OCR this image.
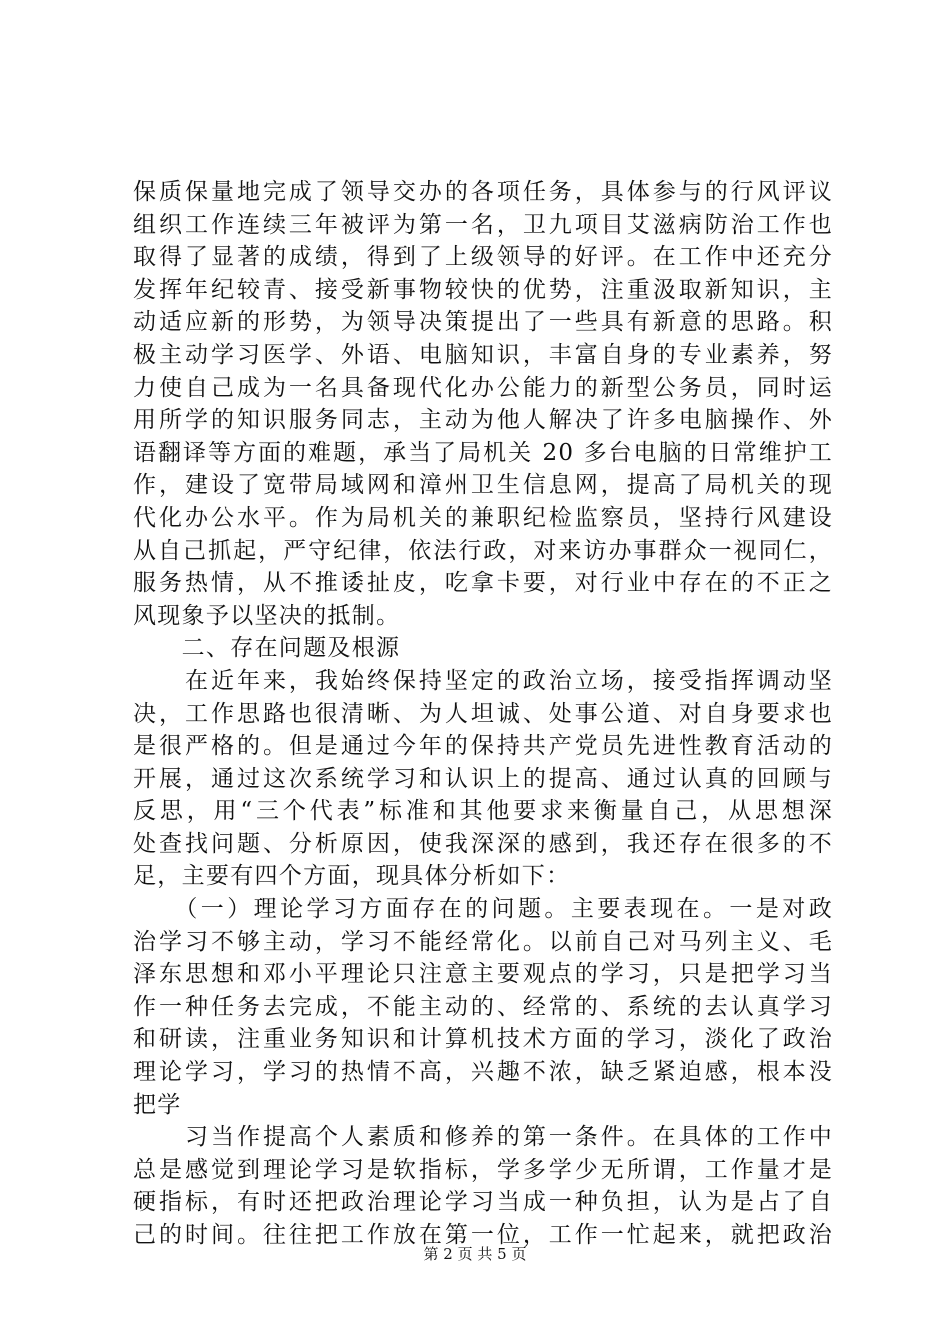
保质保量地完成了领导交办的各项任务，具体参与的行风评议
组织工作连续三年被评为第一名，卫九项目艾滋病防治工作也
取得了显著的成绩，得到了上级领导的好评。在工作中还充分
发挥年纪较青、接受新事物较快的优势，注重汲取新知识，主
动适应新的形势，为领导决策提出了一些具有新意的思路。积
极主动学习医学、外语、电脑知识，丰富自身的专业素养，努
力使自己成为一名具备现代化办公能力的新型公务员，同时运
用所学的知识服务同志，主动为他人解决了许多电脑操作、外
语翻译等方面的难题，承当了局机关 20 多台电脑的日常维护工
作，建设了宽带局域网和漳州卫生信息网，提高了局机关的现
代化办公水平。作为局机关的兼职纪检监察员，坚持行风建设
从自己抓起，严守纪律，依法行政，对来访办事群众一视同仁，
服务热情，从不推诿扯皮，吃拿卡要，对行业中存在的不正之
风现象予以坚决的抵制。
　　二、存在问题及根源
　　在近年来，我始终保持坚定的政治立场，接受指挥调动坚
决，工作思路也很清晰、为人坦诚、处事公道、对自身要求也
是很严格的。但是通过今年的保持共产党员先进性教育活动的
开展，通过这次系统学习和认识上的提高、通过认真的回顾与
反思，用“三个代表”标准和其他要求来衡量自己，从思想深
处查找问题、分析原因，使我深深的感到，我还存在很多的不
足，主要有四个方面，现具体分析如下：
　　（一）理论学习方面存在的问题。主要表现在。一是对政
治学习不够主动，学习不能经常化。以前自己对马列主义、毛
泽东思想和邓小平理论只注意主要观点的学习，只是把学习当
作一种任务去完成，不能主动的、经常的、系统的去认真学习
和研读，注重业务知识和计算机技术方面的学习，淡化了政治
理论学习，学习的热情不高，兴趣不浓，缺乏紧迫感，根本没
把学
　　习当作提高个人素质和修养的第一条件。在具体的工作中
总是感觉到理论学习是软指标，学多学少无所谓，工作量才是
硬指标，有时还把政治理论学习当成一种负担，认为是占了自
己的时间。往往把工作放在第一位，工作一忙起来，就把政治
第 2 页 共 5 页
